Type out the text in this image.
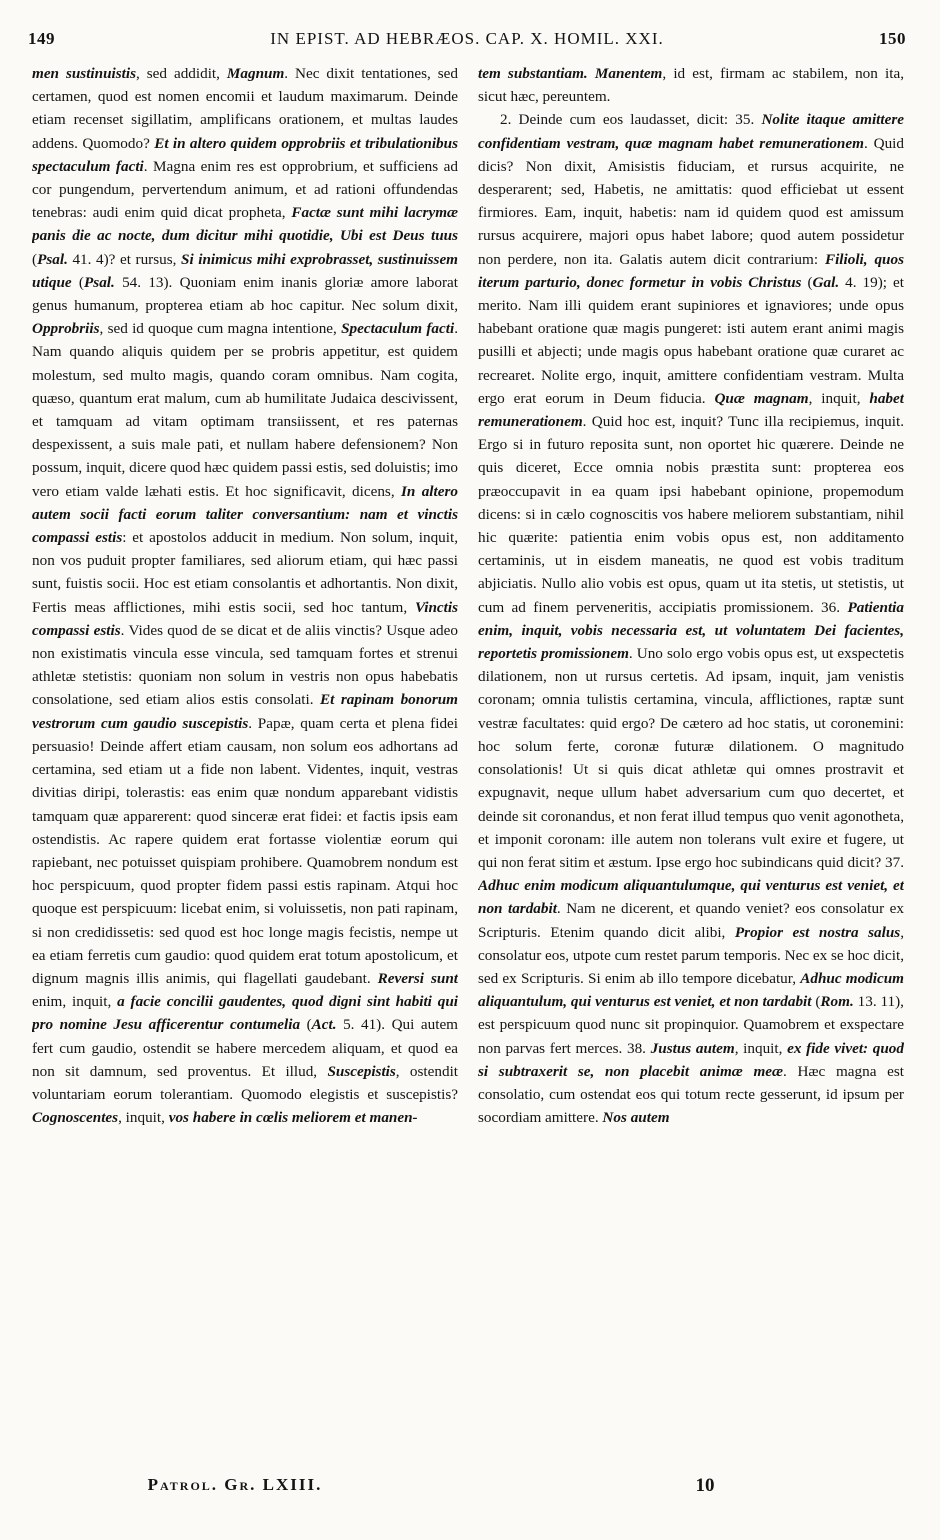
149	IN EPIST. AD HEBRÆOS. CAP. X. HOMIL. XXI.	150

men sustinuistis, sed addidit, Magnum. Nec dixit tentationes, sed certamen, quod est nomen encomii et laudum maximarum. Deinde etiam recenset sigillatim, amplificans orationem, et multas laudes addens. Quomodo? Et in altero quidem opprobriis et tribulationibus spectaculum facti. Magna enim res est opprobrium, et sufficiens ad cor pungendum, pervertendum animum, et ad rationi offundendas tenebras: audi enim quid dicat propheta, Factæ sunt mihi lacrymæ panis die ac nocte, dum dicitur mihi quotidie, Ubi est Deus tuus (Psal. 41. 4)? et rursus, Si inimicus mihi exprobrasset, sustinuissem utique (Psal. 54. 13). Quoniam enim inanis gloriæ amore laborat genus humanum, propterea etiam ab hoc capitur. Nec solum dixit, Opprobriis, sed id quoque cum magna intentione, Spectaculum facti. Nam quando aliquis quidem per se probris appetitur, est quidem molestum, sed multo magis, quando coram omnibus. Nam cogita, quæso, quantum erat malum, cum ab humilitate Judaica descivissent, et tamquam ad vitam optimam transiissent, et res paternas despexissent, a suis male pati, et nullam habere defensionem? Non possum, inquit, dicere quod hæc quidem passi estis, sed doluistis; imo vero etiam valde læhati estis. Et hoc significavit, dicens, In altero autem socii facti eorum taliter conversantium: nam et vinctis compassi estis: et apostolos adducit in medium. Non solum, inquit, non vos puduit propter familiares, sed aliorum etiam, qui hæc passi sunt, fuistis socii. Hoc est etiam consolantis et adhortantis. Non dixit, Fertis meas afflictiones, mihi estis socii, sed hoc tantum, Vinctis compassi estis. Vides quod de se dicat et de aliis vinctis? Usque adeo non existimatis vincula esse vincula, sed tamquam fortes et strenui athletæ stetistis: quoniam non solum in vestris non opus habebatis consolatione, sed etiam alios estis consolati. Et rapinam bonorum vestrorum cum gaudio suscepistis. Papæ, quam certa et plena fidei persuasio! Deinde affert etiam causam, non solum eos adhortans ad certamina, sed etiam ut a fide non labent. Videntes, inquit, vestras divitias diripi, tolerastis: eas enim quæ nondum apparebant vidistis tamquam quæ apparerent: quod sinceræ erat fidei: et factis ipsis eam ostendistis. Ac rapere quidem erat fortasse violentiæ eorum qui rapiebant, nec potuisset quispiam prohibere. Quamobrem nondum est hoc perspicuum, quod propter fidem passi estis rapinam. Atqui hoc quoque est perspicuum: licebat enim, si voluissetis, non pati rapinam, si non credidissetis: sed quod est hoc longe magis fecistis, nempe ut ea etiam ferretis cum gaudio: quod quidem erat totum apostolicum, et dignum magnis illis animis, qui flagellati gaudebant. Reversi sunt enim, inquit, a facie concilii gaudentes, quod digni sint habiti qui pro nomine Jesu afficerentur contumelia (Act. 5. 41). Qui autem fert cum gaudio, ostendit se habere mercedem aliquam, et quod ea non sit damnum, sed proventus. Et illud, Suscepistis, ostendit voluntariam eorum tolerantiam. Quomodo elegistis et suscepistis? Cognoscentes, inquit, vos habere in cœlis meliorem et manen-

tem substantiam. Manentem, id est, firmam ac stabilem, non ita, sicut hæc, pereuntem.

2. Deinde cum eos laudasset, dicit: 35. Nolite itaque amittere confidentiam vestram, quæ magnam habet remunerationem. Quid dicis? Non dixit, Amisistis fiduciam, et rursus acquirite, ne desperarent; sed, Habetis, ne amittatis: quod efficiebat ut essent firmiores. Eam, inquit, habetis: nam id quidem quod est amissum rursus acquirere, majori opus habet labore; quod autem possidetur non perdere, non ita. Galatis autem dicit contrarium: Filioli, quos iterum parturio, donec formetur in vobis Christus (Gal. 4. 19); et merito. Nam illi quidem erant supiniores et ignaviores; unde opus habebant oratione quæ magis pungeret: isti autem erant animi magis pusilli et abjecti; unde magis opus habebant oratione quæ curaret ac recrearet. Nolite ergo, inquit, amittere confidentiam vestram. Multa ergo erat eorum in Deum fiducia. Quæ magnam, inquit, habet remunerationem. Quid hoc est, inquit? Tunc illa recipiemus, inquit. Ergo si in futuro reposita sunt, non oportet hic quærere. Deinde ne quis diceret, Ecce omnia nobis præstita sunt: propterea eos præoccupavit in ea quam ipsi habebant opinione, propemodum dicens: si in cælo cognoscitis vos habere meliorem substantiam, nihil hic quærite: patientia enim vobis opus est, non additamento certaminis, ut in eisdem maneatis, ne quod est vobis traditum abjiciatis. Nullo alio vobis est opus, quam ut ita stetis, ut stetistis, ut cum ad finem perveneritis, accipiatis promissionem. 36. Patientia enim, inquit, vobis necessaria est, ut voluntatem Dei facientes, reportetis promissionem. Uno solo ergo vobis opus est, ut exspectetis dilationem, non ut rursus certetis. Ad ipsam, inquit, jam venistis coronam; omnia tulistis certamina, vincula, afflictiones, raptæ sunt vestræ facultates: quid ergo? De cætero ad hoc statis, ut coronemini: hoc solum ferte, coronæ futuræ dilationem. O magnitudo consolationis! Ut si quis dicat athletæ qui omnes prostravit et expugnavit, neque ullum habet adversarium cum quo decertet, et deinde sit coronandus, et non ferat illud tempus quo venit agonotheta, et imponit coronam: ille autem non tolerans vult exire et fugere, ut qui non ferat sitim et æstum. Ipse ergo hoc subindicans quid dicit? 37. Adhuc enim modicum aliquantulumque, qui venturus est veniet, et non tardabit. Nam ne dicerent, et quando veniet? eos consolatur ex Scripturis. Etenim quando dicit alibi, Propior est nostra salus, consolatur eos, utpote cum restet parum temporis. Nec ex se hoc dicit, sed ex Scripturis. Si enim ab illo tempore dicebatur, Adhuc modicum aliquantulum, qui venturus est veniet, et non tardabit (Rom. 13. 11), est perspicuum quod nunc sit propinquior. Quamobrem et exspectare non parvas fert merces. 38. Justus autem, inquit, ex fide vivet: quod si subtraxerit se, non placebit animæ meæ. Hæc magna est consolatio, cum ostendat eos qui totum recte gesserunt, id ipsum per socordiam amittere. Nos autem

Patrol. Gr. LXIII.	10
